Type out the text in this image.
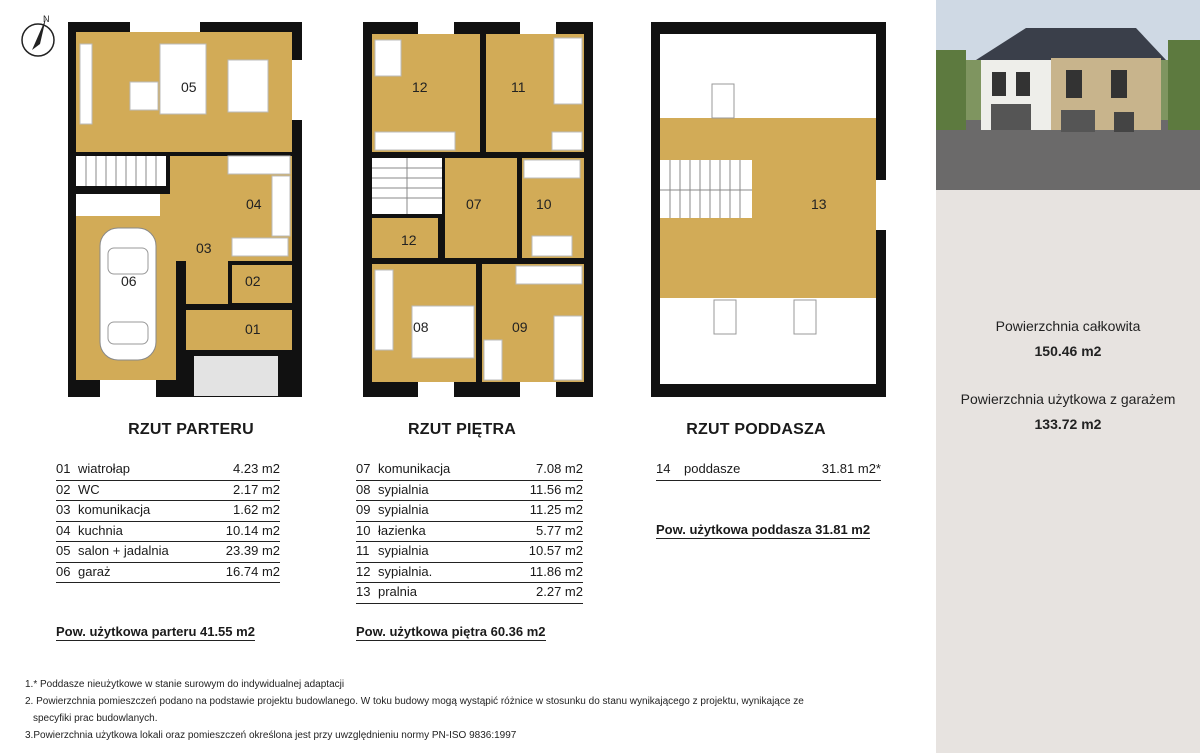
N
05
04
03
06	02
01
12	11
07	10
12
08	09
13
Powierzchnia całkowita
150.46 m2
Powierzchnia użytkowa z garażem
133.72 m2
RZUT PARTERU	RZUT PIĘTRA	RZUT PODDASZA
01 wiatrołap	4.23 m2
02 WC	2.17 m2
03 komunikacja	1.62 m2
04 kuchnia	10.14 m2
05 salon + jadalnia	23.39 m2
06 garaż	16.74 m2
Pow. użytkowa parteru 41.55 m2
07 komunikacja	7.08 m2
08 sypialnia	11.56 m2
09 sypialnia	11.25 m2
10 łazienka	5.77 m2
11 sypialnia	10.57 m2
12 sypialnia.	11.86 m2
13 pralnia	2.27 m2
Pow. użytkowa piętra 60.36 m2
14 poddasze	31.81 m2*
Pow. użytkowa poddasza 31.81 m2
1.* Poddasze nieużytkowe w stanie surowym do indywidualnej adaptacji
2. Powierzchnia pomieszczeń podano na podstawie projektu budowlanego. W toku budowy mogą wystąpić różnice w stosunku do stanu wynikającego z projektu, wynikające ze
specyfiki prac budowlanych.
3.Powierzchnia użytkowa lokali oraz pomieszczeń określona jest przy uwzględnieniu normy PN-ISO 9836:1997
